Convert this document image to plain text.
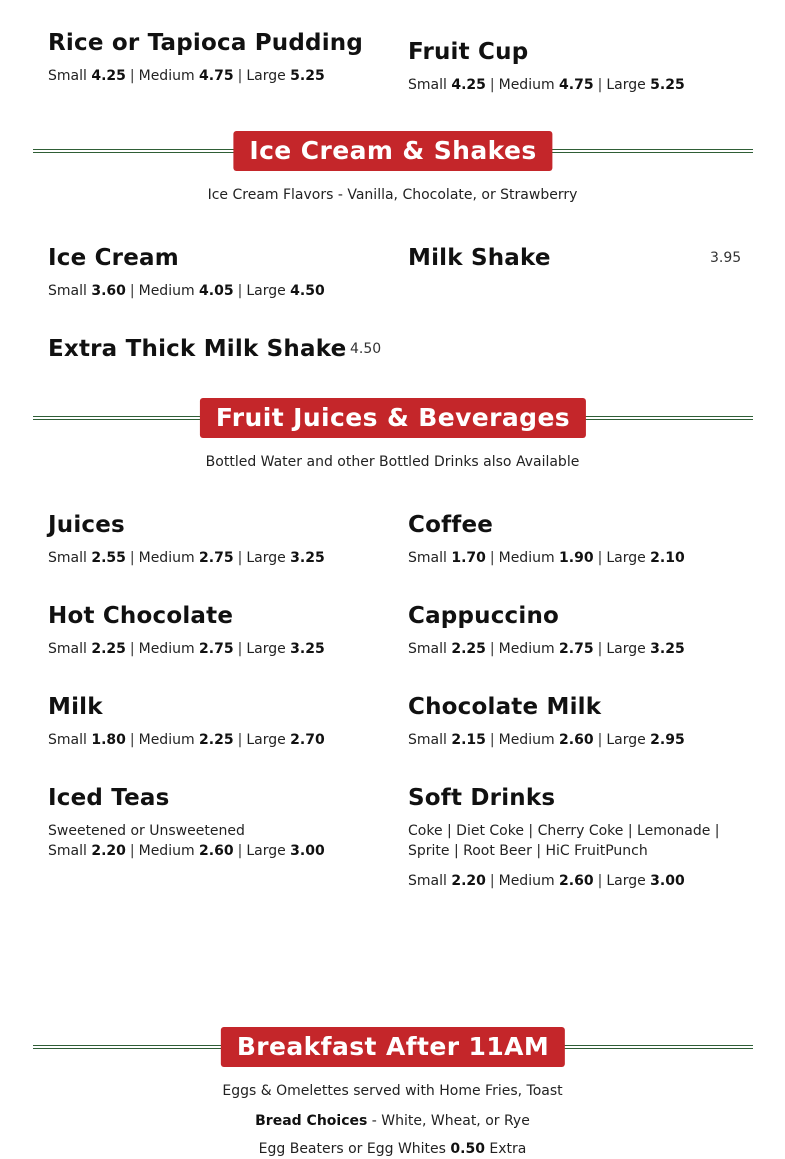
Rice or Tapioca Pudding
Small 4.25 | Medium 4.75 | Large 5.25
Fruit Cup
Small 4.25 | Medium 4.75 | Large 5.25
Ice Cream & Shakes
Ice Cream Flavors - Vanilla, Chocolate, or Strawberry
Ice Cream
Small 3.60 | Medium 4.05 | Large 4.50
Milk Shake	3.95
Extra Thick Milk Shake 4.50
Fruit Juices & Beverages
Bottled Water and other Bottled Drinks also Available
Juices
Small 2.55 | Medium 2.75 | Large 3.25
Coffee
Small 1.70 | Medium 1.90 | Large 2.10
Hot Chocolate
Small 2.25 | Medium 2.75 | Large 3.25
Cappuccino
Small 2.25 | Medium 2.75 | Large 3.25
Milk
Small 1.80 | Medium 2.25 | Large 2.70
Chocolate Milk
Small 2.15 | Medium 2.60 | Large 2.95
Iced Teas
Sweetened or Unsweetened
Small 2.20 | Medium 2.60 | Large 3.00
Soft Drinks
Coke | Diet Coke | Cherry Coke | Lemonade | Sprite | Root Beer | HiC FruitPunch
Small 2.20 | Medium 2.60 | Large 3.00
Breakfast After 11AM
Eggs & Omelettes served with Home Fries, Toast
Bread Choices - White, Wheat, or Rye
Egg Beaters or Egg Whites 0.50 Extra
